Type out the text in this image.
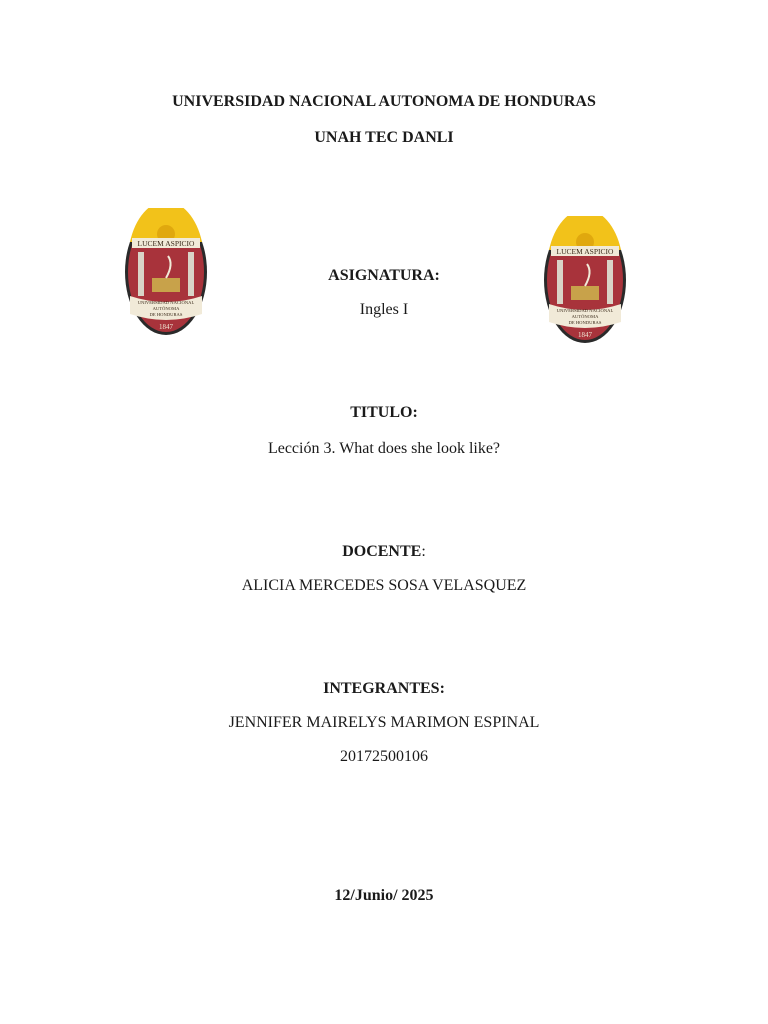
UNIVERSIDAD NACIONAL AUTONOMA DE HONDURAS
UNAH TEC DANLI
LUCEM ASPICIO
UNIVERSIDAD NACIONAL
AUTÓNOMA
DE HONDURAS
1847
LUCEM ASPICIO
UNIVERSIDAD NACIONAL
AUTÓNOMA
DE HONDURAS
1847
ASIGNATURA:
Ingles I
TITULO:
Lección 3. What does she look like?
DOCENTE:
ALICIA MERCEDES SOSA VELASQUEZ
INTEGRANTES:
JENNIFER MAIRELYS MARIMON ESPINAL
20172500106
12/Junio/ 2025
